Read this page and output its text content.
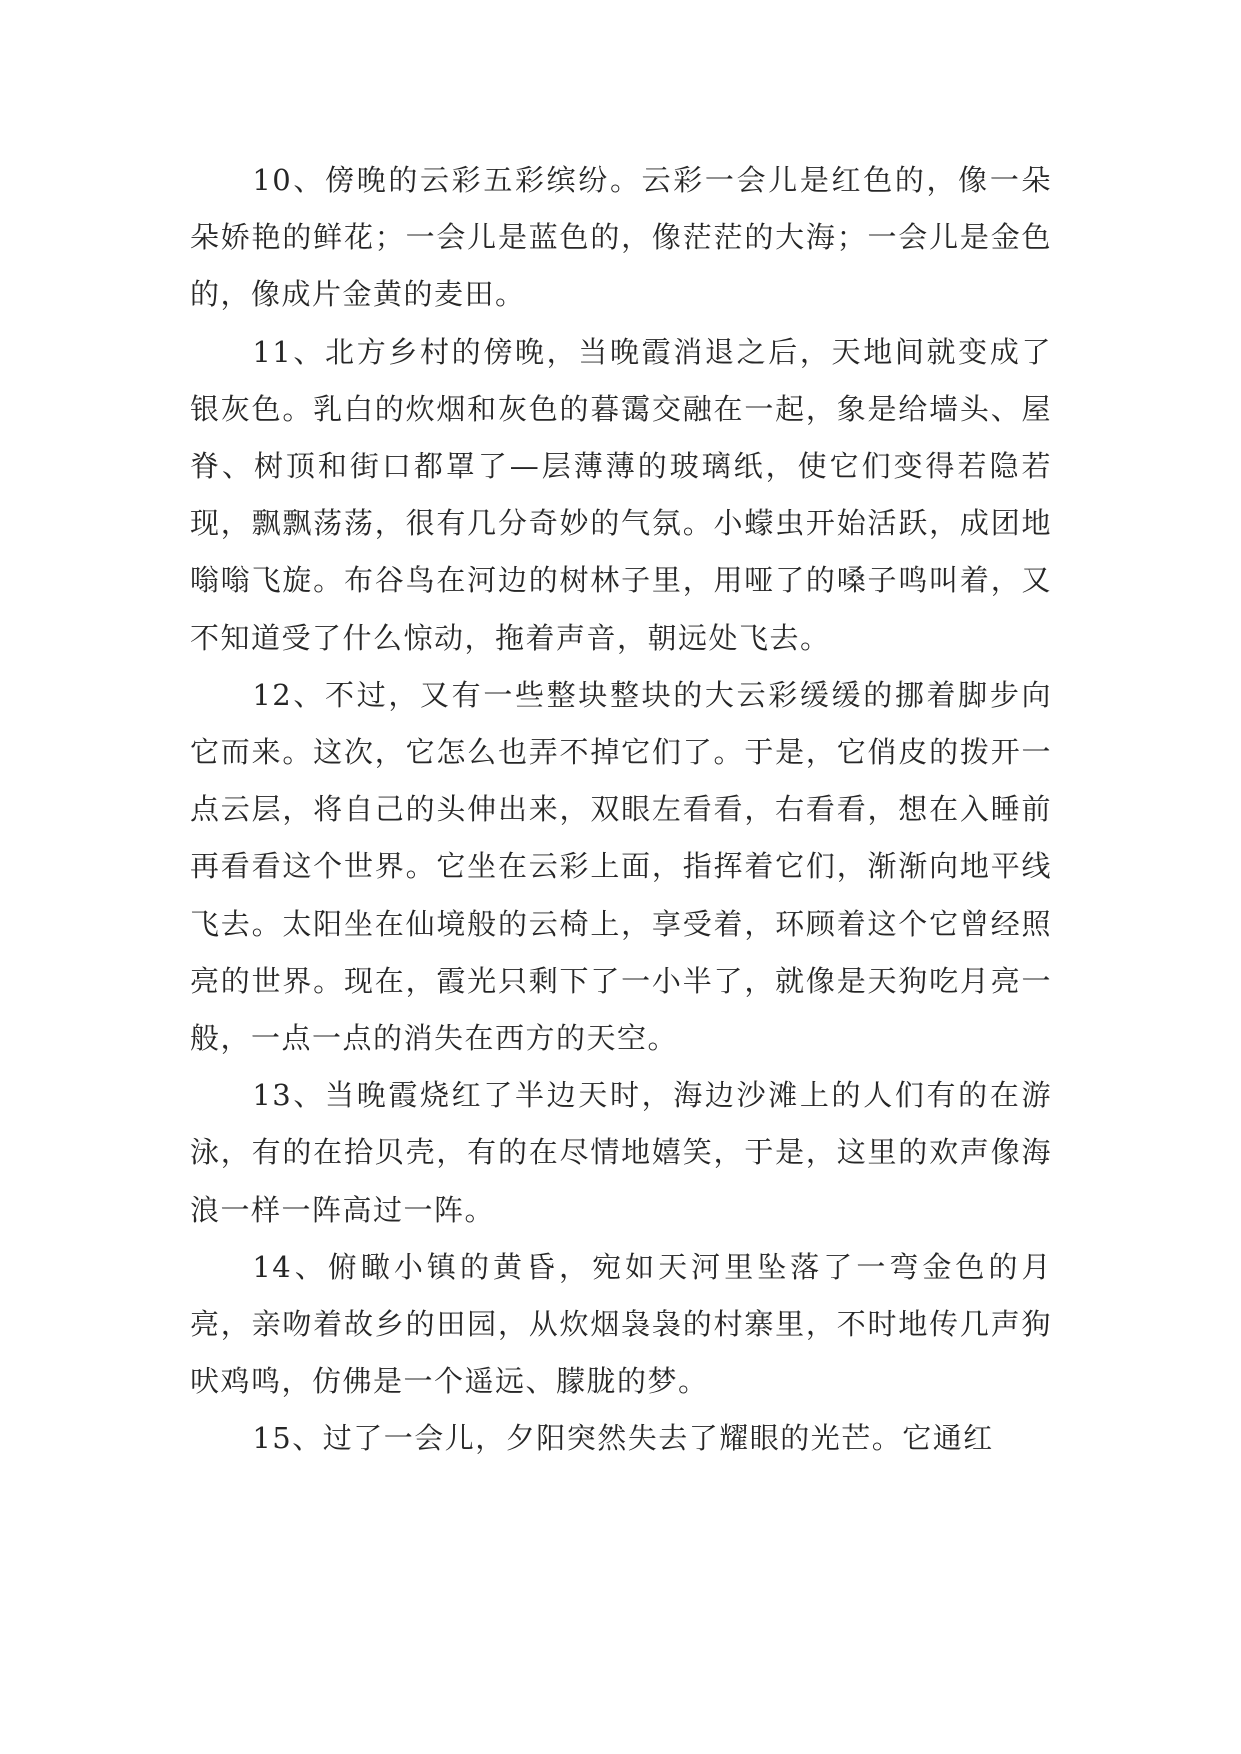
10、傍晚的云彩五彩缤纷。云彩一会儿是红色的，像一朵朵娇艳的鲜花；一会儿是蓝色的，像茫茫的大海；一会儿是金色的，像成片金黄的麦田。

11、北方乡村的傍晚，当晚霞消退之后，天地间就变成了银灰色。乳白的炊烟和灰色的暮霭交融在一起，象是给墙头、屋脊、树顶和街口都罩了—层薄薄的玻璃纸，使它们变得若隐若现，飘飘荡荡，很有几分奇妙的气氛。小蠓虫开始活跃，成团地嗡嗡飞旋。布谷鸟在河边的树林子里，用哑了的嗓子鸣叫着，又不知道受了什么惊动，拖着声音，朝远处飞去。

12、不过，又有一些整块整块的大云彩缓缓的挪着脚步向它而来。这次，它怎么也弄不掉它们了。于是，它俏皮的拨开一点云层，将自己的头伸出来，双眼左看看，右看看，想在入睡前再看看这个世界。它坐在云彩上面，指挥着它们，渐渐向地平线飞去。太阳坐在仙境般的云椅上，享受着，环顾着这个它曾经照亮的世界。现在，霞光只剩下了一小半了，就像是天狗吃月亮一般，一点一点的消失在西方的天空。

13、当晚霞烧红了半边天时，海边沙滩上的人们有的在游泳，有的在拾贝壳，有的在尽情地嬉笑，于是，这里的欢声像海浪一样一阵高过一阵。

14、俯瞰小镇的黄昏，宛如天河里坠落了一弯金色的月亮，亲吻着故乡的田园，从炊烟袅袅的村寨里，不时地传几声狗吠鸡鸣，仿佛是一个遥远、朦胧的梦。

15、过了一会儿，夕阳突然失去了耀眼的光芒。它通红
